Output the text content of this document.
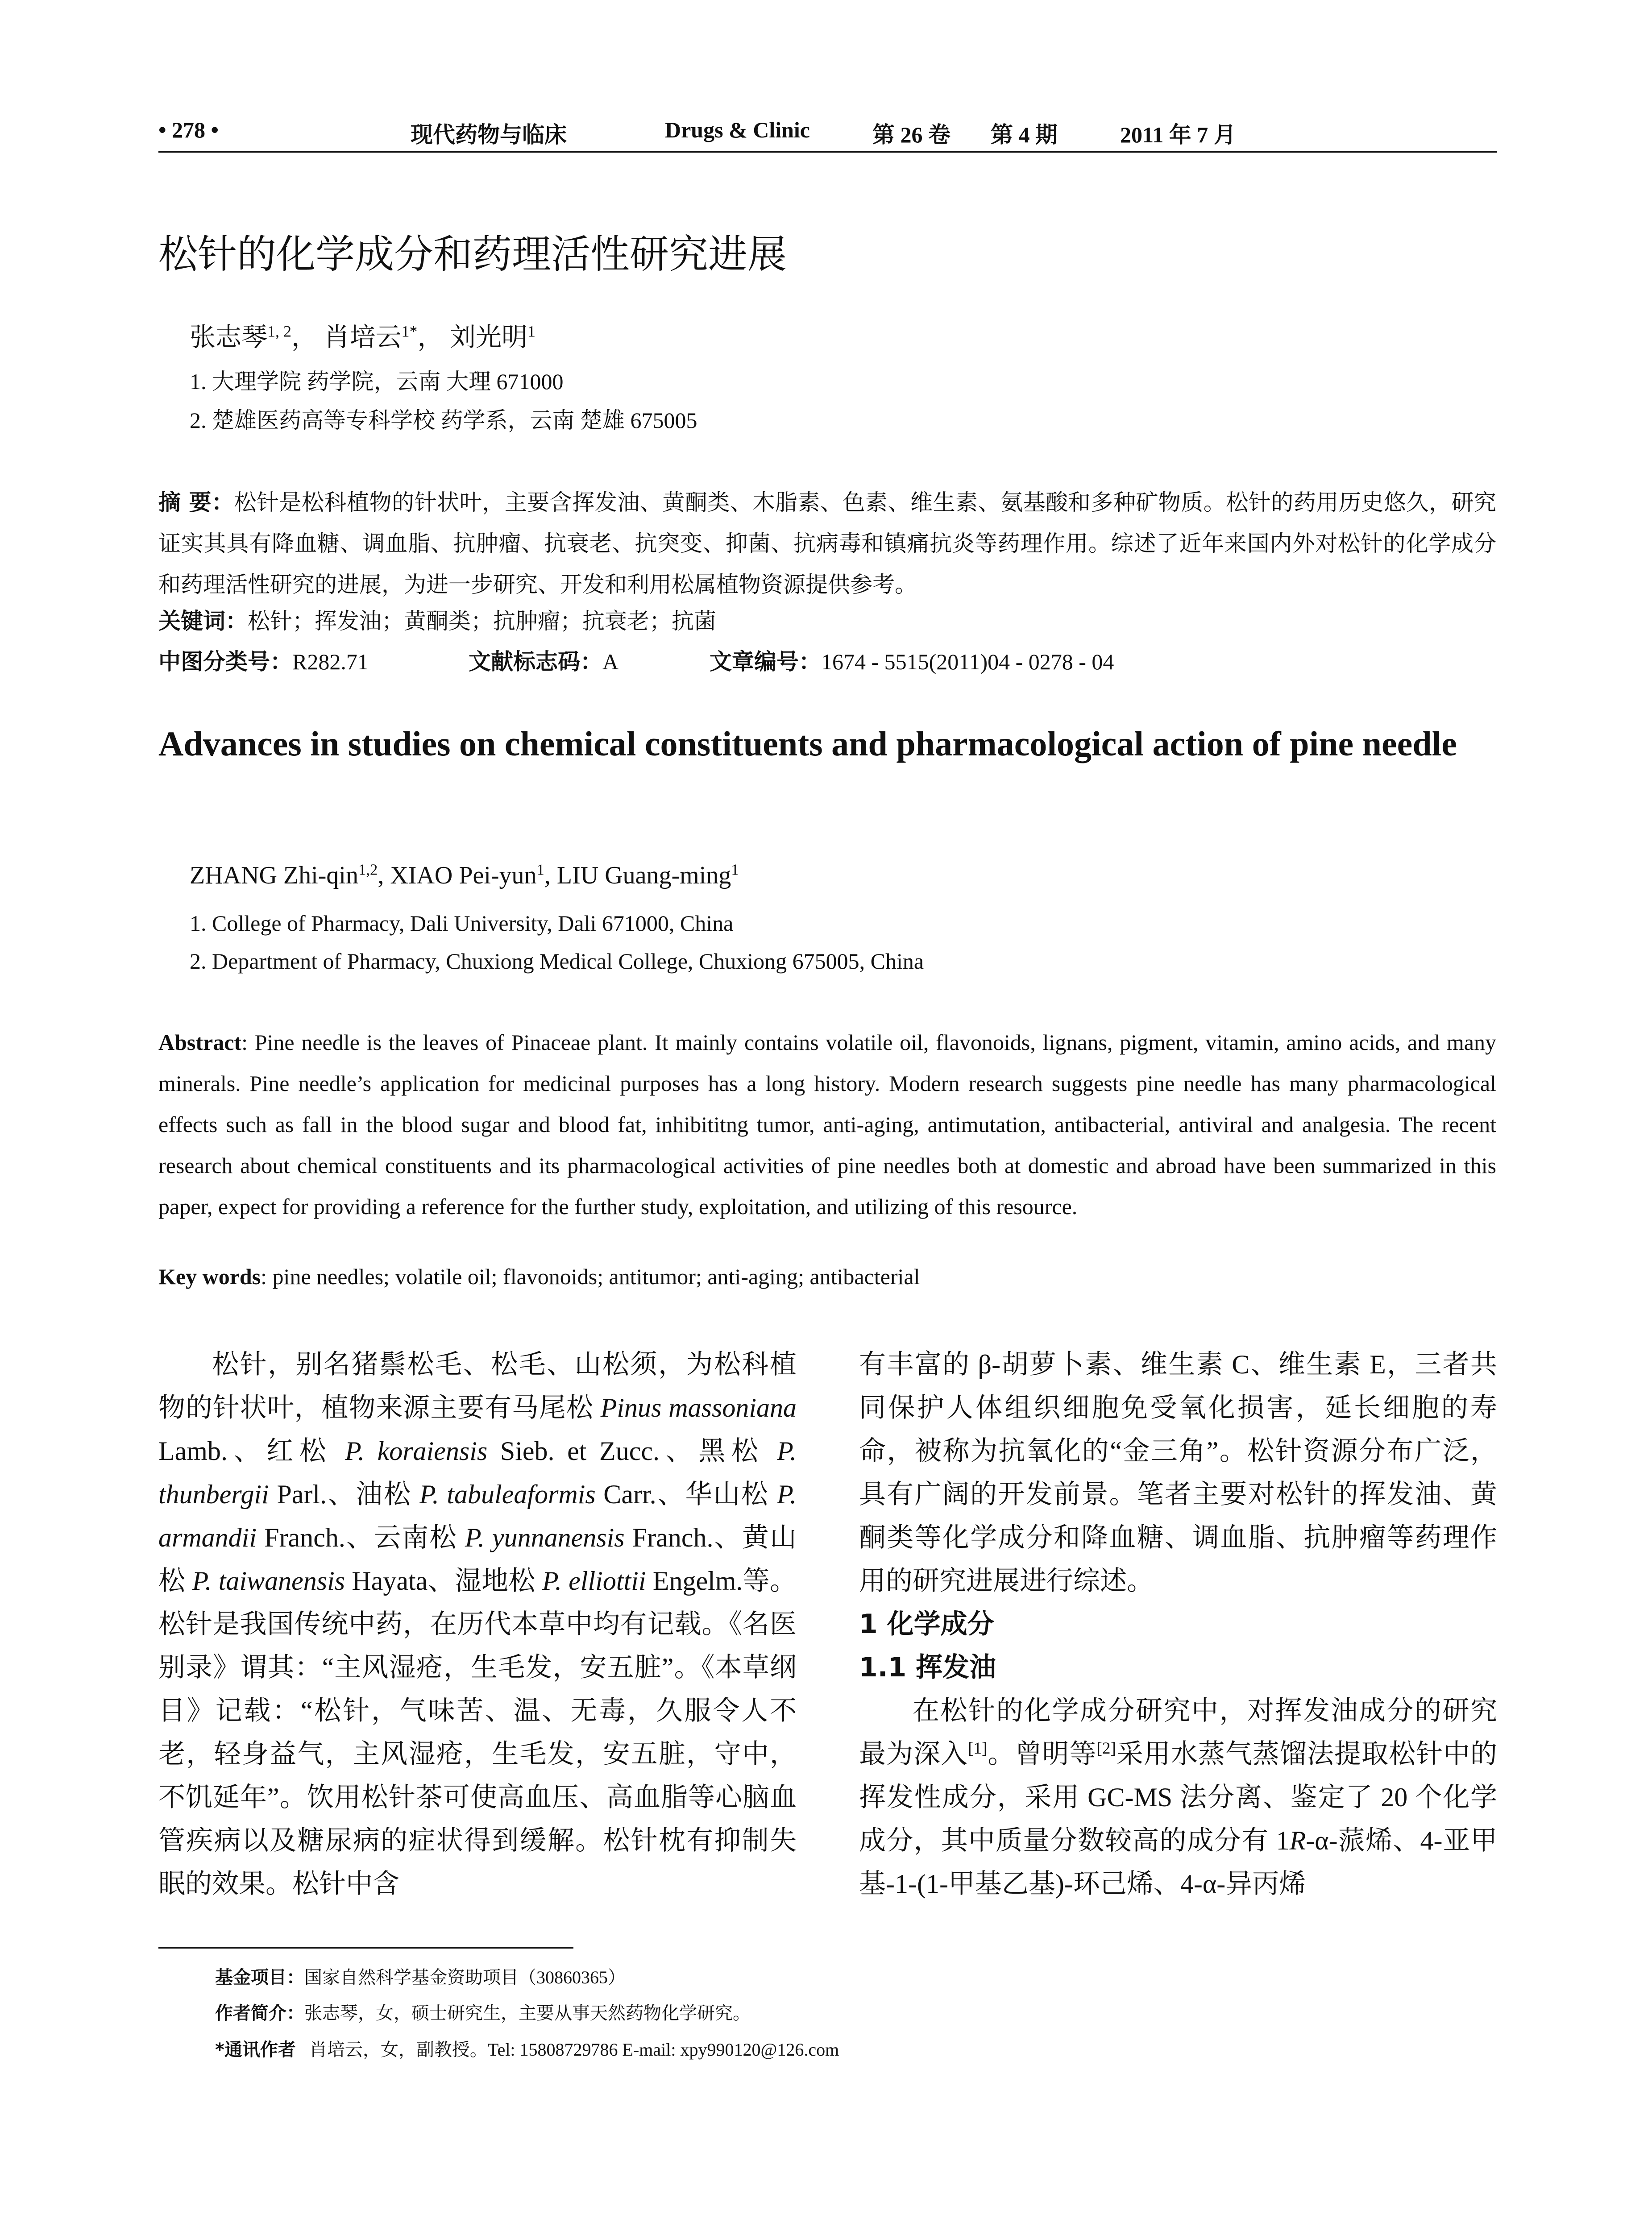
• 278 •	现代药物与临床	Drugs & Clinic	第 26 卷 第 4 期	2011 年 7 月
松针的化学成分和药理活性研究进展
张志琴$^{1, 2}$， 肖培云$^{1*}$， 刘光明$^1$
1. 大理学院 药学院，云南 大理 671000
2. 楚雄医药高等专科学校 药学系，云南 楚雄 675005
摘 要：松针是松科植物的针状叶，主要含挥发油、黄酮类、木脂素、色素、维生素、氨基酸和多种矿物质。松针的药用历史悠久，研究证实其具有降血糖、调血脂、抗肿瘤、抗衰老、抗突变、抑菌、抗病毒和镇痛抗炎等药理作用。综述了近年来国内外对松针的化学成分和药理活性研究的进展，为进一步研究、开发和利用松属植物资源提供参考。
关键词：松针；挥发油；黄酮类；抗肿瘤；抗衰老；抗菌
中图分类号：R282.71	文献标志码：A	文章编号：1674 - 5515(2011)04 - 0278 - 04
Advances in studies on chemical constituents and pharmacological action of pine needle
ZHANG Zhi-qin$^{1,2}$, XIAO Pei-yun$^1$, LIU Guang-ming$^1$
1. College of Pharmacy, Dali University, Dali 671000, China
2. Department of Pharmacy, Chuxiong Medical College, Chuxiong 675005, China
Abstract: Pine needle is the leaves of Pinaceae plant. It mainly contains volatile oil, flavonoids, lignans, pigment, vitamin, amino acids, and many minerals. Pine needle’s application for medicinal purposes has a long history. Modern research suggests pine needle has many pharmacological effects such as fall in the blood sugar and blood fat, inhibititng tumor, anti-aging, antimutation, antibacterial, antiviral and analgesia. The recent research about chemical constituents and its pharmacological activities of pine needles both at domestic and abroad have been summarized in this paper, expect for providing a reference for the further study, exploitation, and utilizing of this resource.
Key words: pine needles; volatile oil; flavonoids; antitumor; anti-aging; antibacterial

松针，别名猪鬃松毛、松毛、山松须，为松科植物的针状叶，植物来源主要有马尾松 Pinus massoniana Lamb.、红松 P. koraiensis Sieb. et Zucc.、黑松 P. thunbergii Parl.、油松 P. tabuleaformis Carr.、华山松 P. armandii Franch.、云南松 P. yunnanensis Franch.、黄山松 P. taiwanensis Hayata、湿地松 P. elliottii Engelm.等。松针是我国传统中药，在历代本草中均有记载。《名医别录》谓其：“主风湿疮，生毛发，安五脏”。《本草纲目》记载：“松针，气味苦、温、无毒，久服令人不老，轻身益气，主风湿疮，生毛发，安五脏，守中，不饥延年”。饮用松针茶可使高血压、高血脂等心脑血管疾病以及糖尿病的症状得到缓解。松针枕有抑制失眠的效果。松针中含

有丰富的 β-胡萝卜素、维生素 C、维生素 E，三者共同保护人体组织细胞免受氧化损害，延长细胞的寿命，被称为抗氧化的“金三角”。松针资源分布广泛，具有广阔的开发前景。笔者主要对松针的挥发油、黄酮类等化学成分和降血糖、调血脂、抗肿瘤等药理作用的研究进展进行综述。

1 化学成分

1.1 挥发油

在松针的化学成分研究中，对挥发油成分的研究最为深入[1]。曾明等[2]采用水蒸气蒸馏法提取松针中的挥发性成分，采用 GC-MS 法分离、鉴定了 20 个化学成分，其中质量分数较高的成分有 1R-α-蒎烯、4-亚甲基-1-(1-甲基乙基)-环己烯、4-α-异丙烯

基金项目：国家自然科学基金资助项目（30860365）
作者简介：张志琴，女，硕士研究生，主要从事天然药物化学研究。
*通讯作者 肖培云，女，副教授。Tel: 15808729786 E-mail: xpy990120@126.com
